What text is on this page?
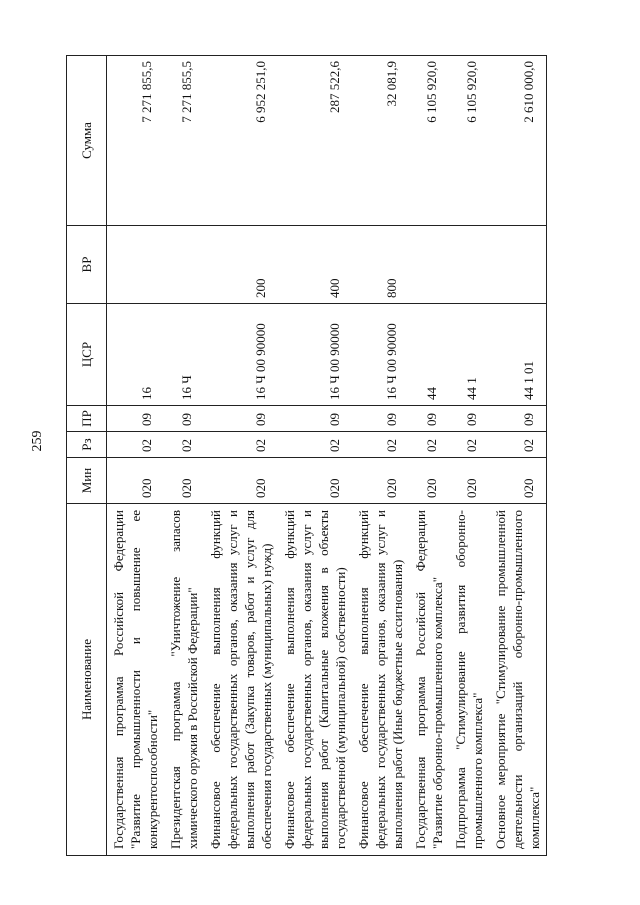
259
Наименование	Мин	Рз	ПР	ЦСР	ВР	Сумма
Государственная программа Российской Федерации "Развитие промышленности и повышение ее конкурентоспособности"	020	02	09	16		7 271 855,5
Президентская программа "Уничтожение запасов химического оружия в Российской Федерации"	020	02	09	16 Ч		7 271 855,5
Финансовое обеспечение выполнения функций федеральных государственных органов, оказания услуг и выполнения работ (Закупка товаров, работ и услуг для обеспечения государственных (муниципальных) нужд)	020	02	09	16 Ч 00 90000	200	6 952 251,0
Финансовое обеспечение выполнения функций федеральных государственных органов, оказания услуг и выполнения работ (Капитальные вложения в объекты государственной (муниципальной) собственности)	020	02	09	16 Ч 00 90000	400	287 522,6
Финансовое обеспечение выполнения функций федеральных государственных органов, оказания услуг и выполнения работ (Иные бюджетные ассигнования)	020	02	09	16 Ч 00 90000	800	32 081,9
Государственная программа Российской Федерации "Развитие оборонно-промышленного комплекса"	020	02	09	44		6 105 920,0
Подпрограмма "Стимулирование развития оборонно-промышленного комплекса"	020	02	09	44 1		6 105 920,0
Основное мероприятие "Стимулирование промышленной деятельности организаций оборонно-промышленного комплекса"	020	02	09	44 1 01		2 610 000,0
